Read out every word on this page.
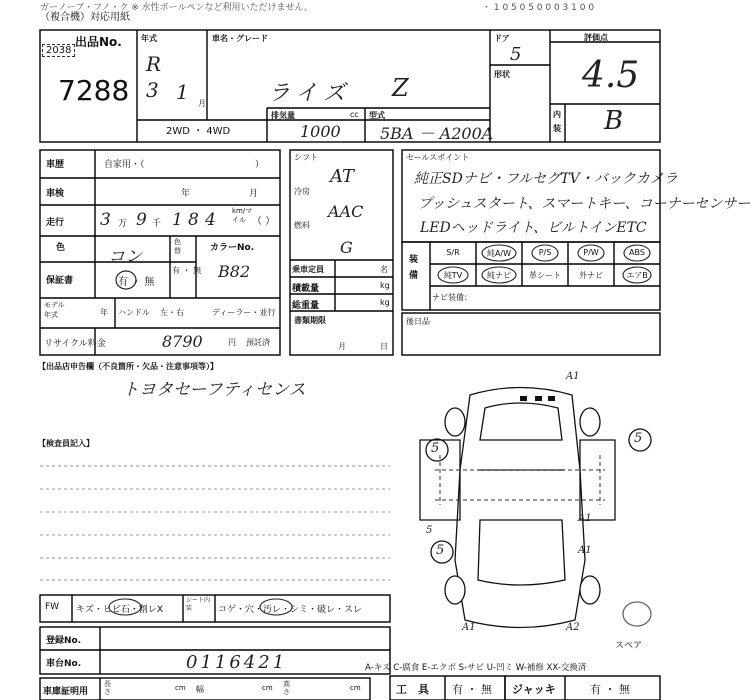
ガーノーブ・フノ・ク ※ 水性ボールペンなど利用いただけません。
（複合機）対応用紙
・ 1 0 5 0 5 0 0 0 3 1 0 0
出品No.
2038
7288
年式
R
3 1 月
車名・グレード
ライズ Z
ドア
5
形状
評価点
4.5
内装 B
2WD ・ 4WD
排気量	cc
1000
型式
5BA － A200A
車歴	自家用・（	）
車検	年	月
走行 3 万 9 千 1 8 4 km/マイル （ ）
色	コン
色替
有 ・ 無
カラーNo.
B82
保証書	有 ・ 無
モデル
年式	年 ハンドル 左・右	ディーラー・並行
リサイクル料金	8790	円 預託済
シフト
AT
冷房
AAC
燃料
G
乗車定員	名
積載量	kg
総重量	kg
書類期限
月	日
セールスポイント
純正SDナビ・フルセグTV・バックカメラ
プッシュスタート、スマートキー、コーナーセンサー
LEDヘッドライト、ビルトインETC
装備
S/R	純A/W	P/S	P/W	ABS
純TV	純ナビ	革シート	外ナビ	エアB
ナビ装備：
後日品
【出品店申告欄（不良箇所・欠品・注意事項等）】
トヨタセーフティセンス
【検査員記入】
A1
5
5
5
A1
A1
5
A1	A2
スペア
FW キズ・ヒビ石・割レX
シート内装	コゲ・穴・汚レ・シミ・破レ・スレ
登録No.
車台No.	0116421	A-キズ C-腐食 E-エクボ S-サビ U-凹ミ W-補修 XX-交換済
車庫証明用
長さ	cm 幅	cm 高さ	cm	工　具 有 ・ 無 ジャッキ	有 ・ 無
